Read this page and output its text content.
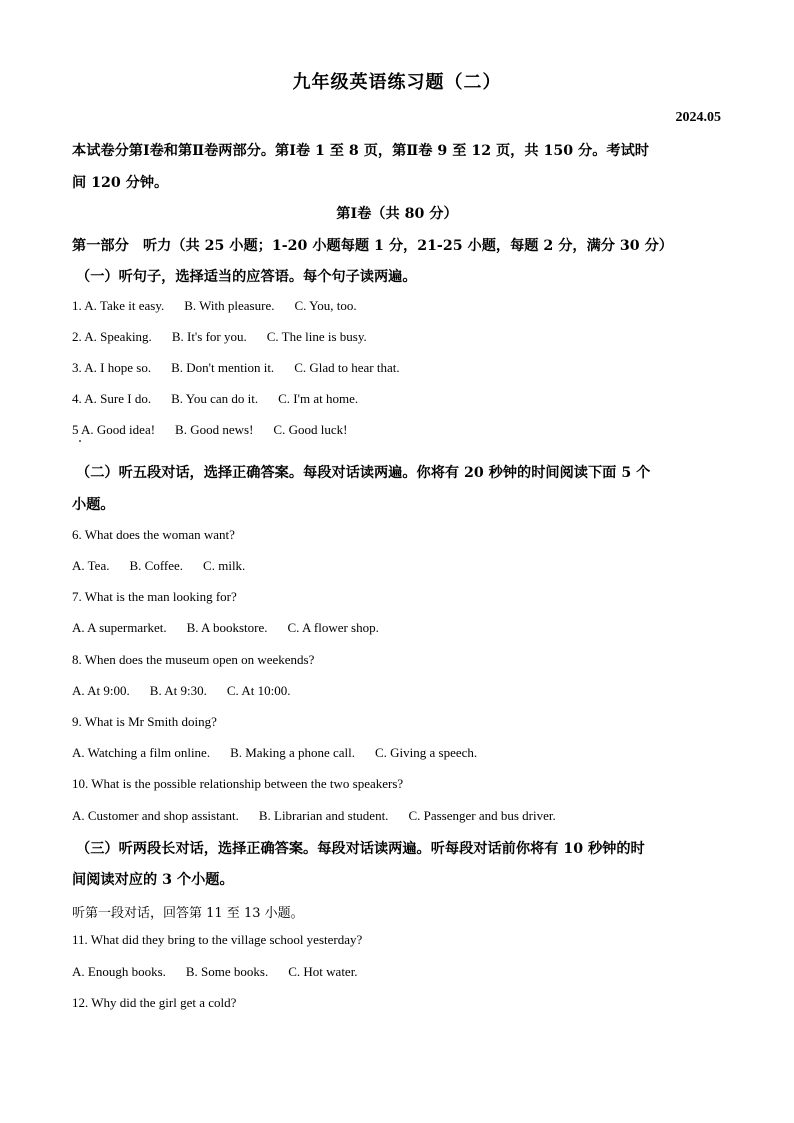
九年级英语练习题（二）
2024.05
本试卷分第Ⅰ卷和第Ⅱ卷两部分。第Ⅰ卷 1 至 8 页，第Ⅱ卷 9 至 12 页，共 150 分。考试时
间 120 分钟。
第Ⅰ卷（共 80 分）
第一部分　听力（共 25 小题；1-20 小题每题 1 分，21-25 小题，每题 2 分，满分 30 分）
（一）听句子，选择适当的应答语。每个句子读两遍。
1. A. Take it easy. B. With pleasure. C. You, too.
2. A. Speaking. B. It's for you. C. The line is busy.
3. A. I hope so. B. Don't mention it. C. Glad to hear that.
4. A. Sure I do. B. You can do it. C. I'm at home.
5 A. Good idea! B. Good news! C. Good luck!
（二）听五段对话，选择正确答案。每段对话读两遍。你将有 20 秒钟的时间阅读下面 5 个
小题。
6. What does the woman want?
A. Tea. B. Coffee. C. milk.
7. What is the man looking for?
A. A supermarket. B. A bookstore. C. A flower shop.
8. When does the museum open on weekends?
A. At 9:00. B. At 9:30. C. At 10:00.
9. What is Mr Smith doing?
A. Watching a film online. B. Making a phone call. C. Giving a speech.
10. What is the possible relationship between the two speakers?
A. Customer and shop assistant. B. Librarian and student. C. Passenger and bus driver.
（三）听两段长对话，选择正确答案。每段对话读两遍。听每段对话前你将有 10 秒钟的时
间阅读对应的 3 个小题。
听第一段对话，回答第 11 至 13 小题。
11. What did they bring to the village school yesterday?
A. Enough books. B. Some books. C. Hot water.
12. Why did the girl get a cold?
